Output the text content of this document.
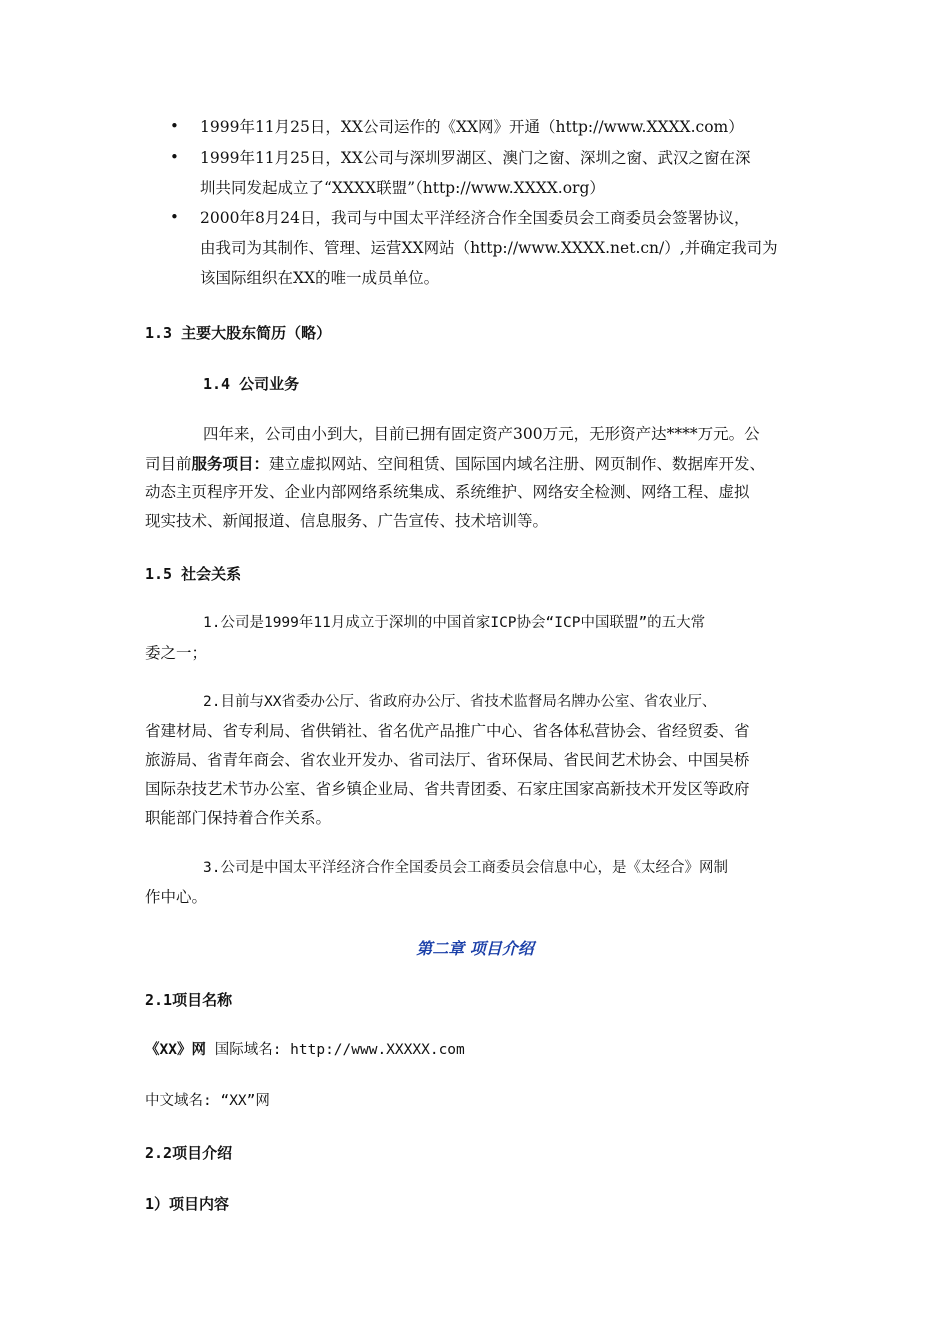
• 1999年11月25日，XX公司运作的《XX网》开通（http://www.XXXX.com）
• 1999年11月25日，XX公司与深圳罗湖区、澳门之窗、深圳之窗、武汉之窗在深
圳共同发起成立了“XXXX联盟”（http://www.XXXX.org）
• 2000年8月24日，我司与中国太平洋经济合作全国委员会工商委员会签署协议，
由我司为其制作、管理、运营XX网站（http://www.XXXX.net.cn/）,并确定我司为
该国际组织在XX的唯一成员单位。
1.3 主要大股东简历（略）
1.4 公司业务
四年来，公司由小到大，目前已拥有固定资产300万元，无形资产达****万元。公
司目前服务项目：建立虚拟网站、空间租赁、国际国内域名注册、网页制作、数据库开发、
动态主页程序开发、企业内部网络系统集成、系统维护、网络安全检测、网络工程、虚拟
现实技术、新闻报道、信息服务、广告宣传、技术培训等。
1.5 社会关系
1.公司是1999年11月成立于深圳的中国首家ICP协会“ICP中国联盟”的五大常
委之一；
2.目前与XX省委办公厅、省政府办公厅、省技术监督局名牌办公室、省农业厅、
省建材局、省专利局、省供销社、省名优产品推广中心、省各体私营协会、省经贸委、省
旅游局、省青年商会、省农业开发办、省司法厅、省环保局、省民间艺术协会、中国吴桥
国际杂技艺术节办公室、省乡镇企业局、省共青团委、石家庄国家高新技术开发区等政府
职能部门保持着合作关系。
3.公司是中国太平洋经济合作全国委员会工商委员会信息中心，是《太经合》网制
作中心。
第二章 项目介绍
2.1项目名称
《XX》网 国际域名: http://www.XXXXX.com
中文域名: “XX”网
2.2项目介绍
1）项目内容
